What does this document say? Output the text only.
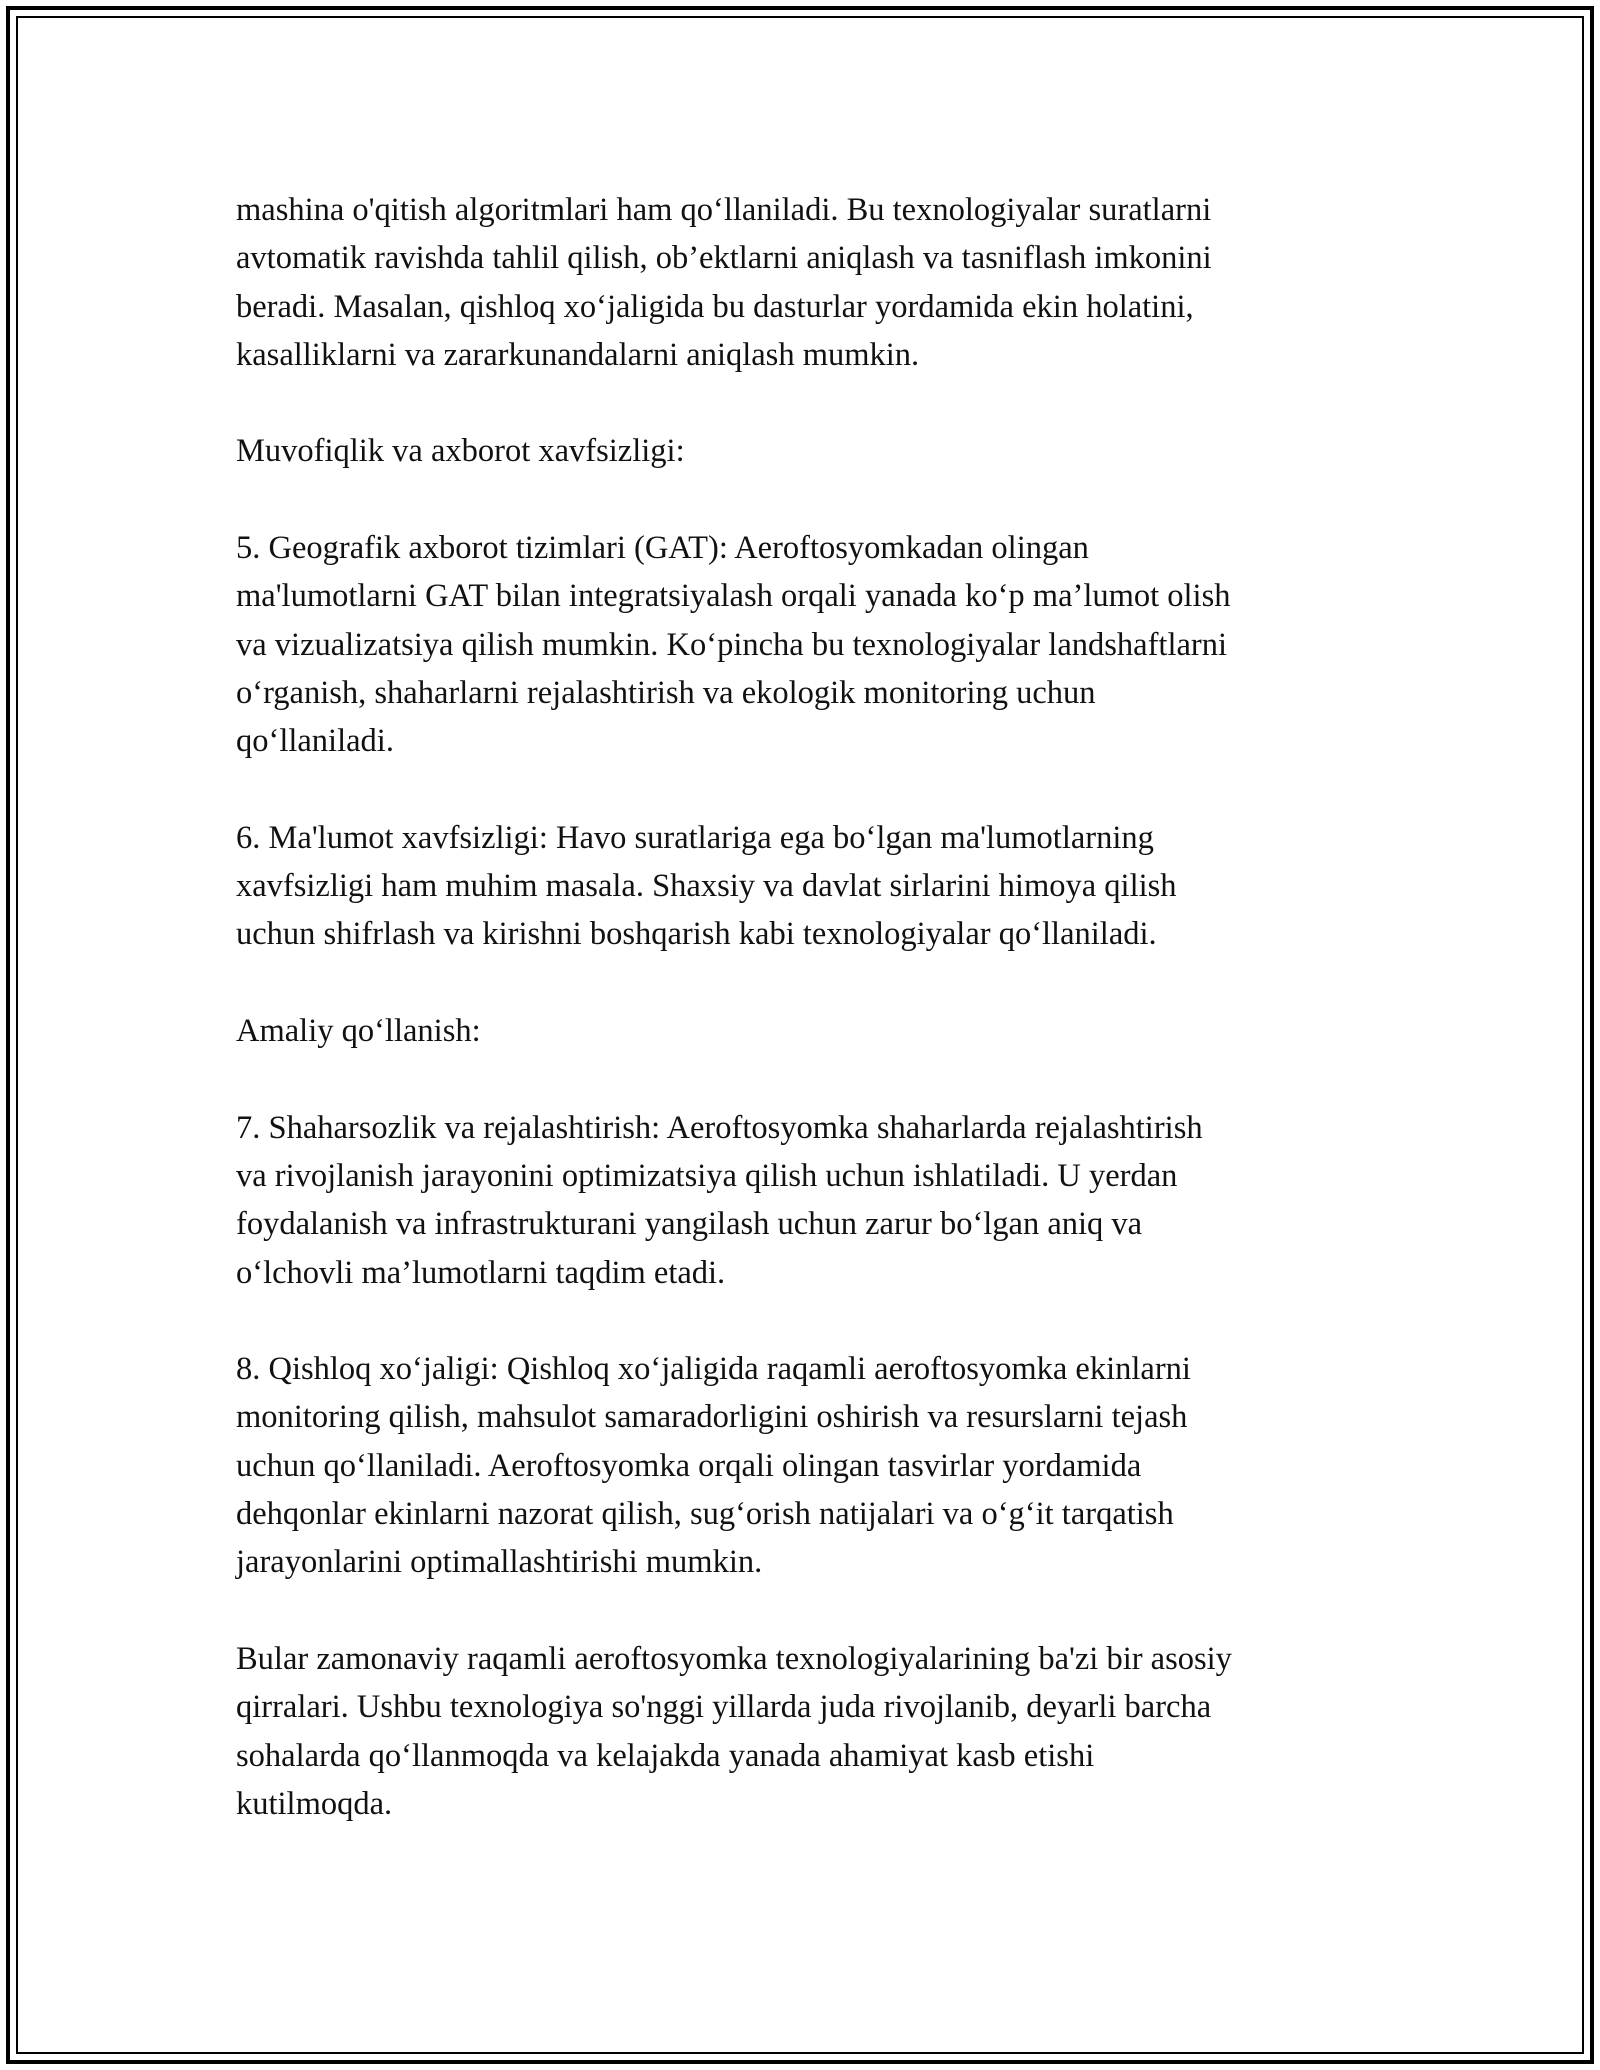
mashina o'qitish algoritmlari ham qo‘llaniladi. Bu texnologiyalar suratlarni
avtomatik ravishda tahlil qilish, ob’ektlarni aniqlash va tasniflash imkonini
beradi. Masalan, qishloq xo‘jaligida bu dasturlar yordamida ekin holatini,
kasalliklarni va zararkunandalarni aniqlash mumkin.

Muvofiqlik va axborot xavfsizligi:

5. Geografik axborot tizimlari (GAT): Aeroftosyomkadan olingan
ma'lumotlarni GAT bilan integratsiyalash orqali yanada ko‘p ma’lumot olish
va vizualizatsiya qilish mumkin. Ko‘pincha bu texnologiyalar landshaftlarni
o‘rganish, shaharlarni rejalashtirish va ekologik monitoring uchun
qo‘llaniladi.

6. Ma'lumot xavfsizligi: Havo suratlariga ega bo‘lgan ma'lumotlarning
xavfsizligi ham muhim masala. Shaxsiy va davlat sirlarini himoya qilish
uchun shifrlash va kirishni boshqarish kabi texnologiyalar qo‘llaniladi.

Amaliy qo‘llanish:

7. Shaharsozlik va rejalashtirish: Aeroftosyomka shaharlarda rejalashtirish
va rivojlanish jarayonini optimizatsiya qilish uchun ishlatiladi. U yerdan
foydalanish va infrastrukturani yangilash uchun zarur bo‘lgan aniq va
o‘lchovli ma’lumotlarni taqdim etadi.

8. Qishloq xo‘jaligi: Qishloq xo‘jaligida raqamli aeroftosyomka ekinlarni
monitoring qilish, mahsulot samaradorligini oshirish va resurslarni tejash
uchun qo‘llaniladi. Aeroftosyomka orqali olingan tasvirlar yordamida
dehqonlar ekinlarni nazorat qilish, sug‘orish natijalari va o‘g‘it tarqatish
jarayonlarini optimallashtirishi mumkin.

Bular zamonaviy raqamli aeroftosyomka texnologiyalarining ba'zi bir asosiy
qirralari. Ushbu texnologiya so'nggi yillarda juda rivojlanib, deyarli barcha
sohalarda qo‘llanmoqda va kelajakda yanada ahamiyat kasb etishi
kutilmoqda.
